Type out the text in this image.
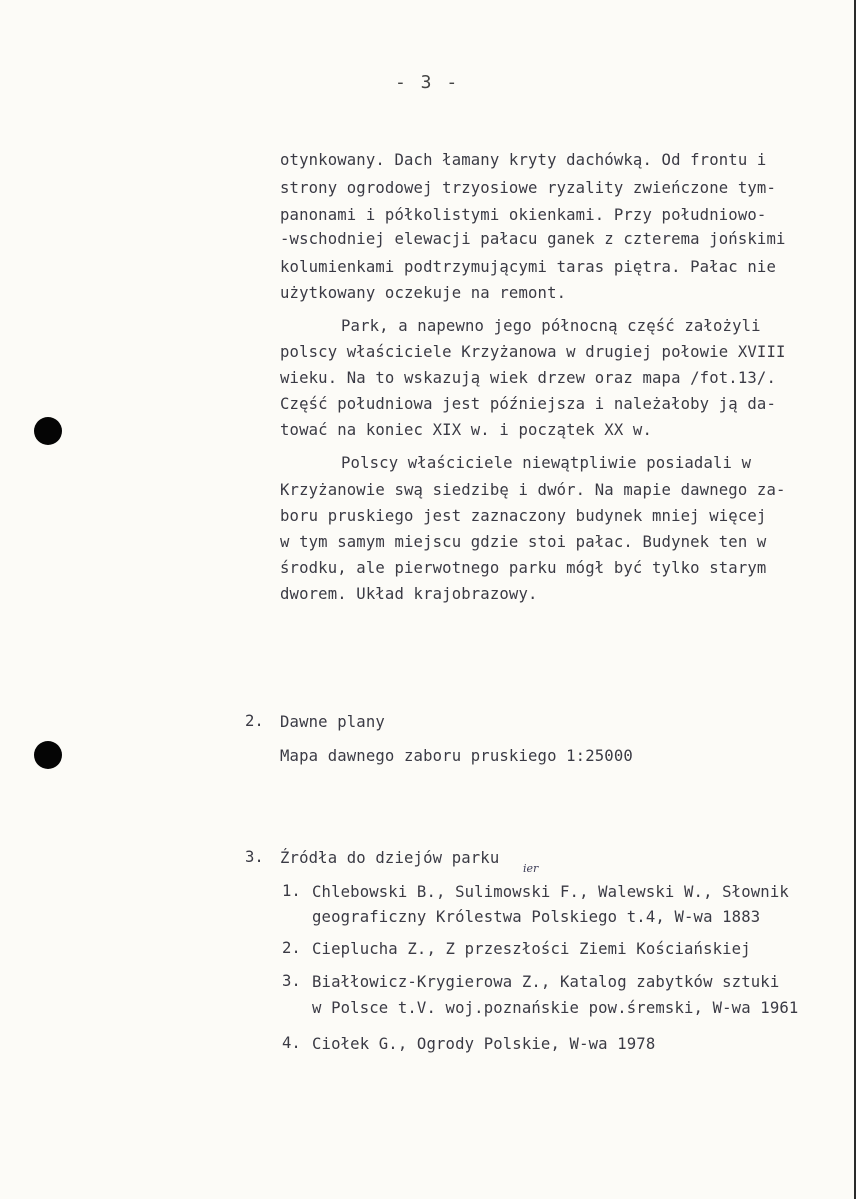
- 3 -
otynkowany. Dach łamany kryty dachówką. Od frontu i
strony ogrodowej trzyosiowe ryzality zwieńczone tym-
panonami i półkolistymi okienkami. Przy południowo-
-wschodniej elewacji pałacu ganek z czterema jońskimi
kolumienkami podtrzymującymi taras piętra. Pałac nie
użytkowany oczekuje na remont.
Park, a napewno jego północną część założyli
polscy właściciele Krzyżanowa w drugiej połowie XVIII
wieku. Na to wskazują wiek drzew oraz mapa /fot.13/.
Część południowa jest późniejsza i należałoby ją da-
tować na koniec XIX w. i początek XX w.
Polscy właściciele niewątpliwie posiadali w
Krzyżanowie swą siedzibę i dwór. Na mapie dawnego za-
boru pruskiego jest zaznaczony budynek mniej więcej
w tym samym miejscu gdzie stoi pałac. Budynek ten w
środku, ale pierwotnego parku mógł być tylko starym
dworem. Układ krajobrazowy.
2. Dawne plany
Mapa dawnego zaboru pruskiego 1:25000
3. Źródła do dziejów parku
ier
1. Chlebowski B., Sulimowski F., Walewski W., Słownik
geograficzny Królestwa Polskiego t.4, W-wa 1883
2. Cieplucha Z., Z przeszłości Ziemi Kościańskiej
3. Białłowicz-Krygierowa Z., Katalog zabytków sztuki
w Polsce t.V. woj.poznańskie pow.śremski, W-wa 1961
4. Ciołek G., Ogrody Polskie, W-wa 1978
